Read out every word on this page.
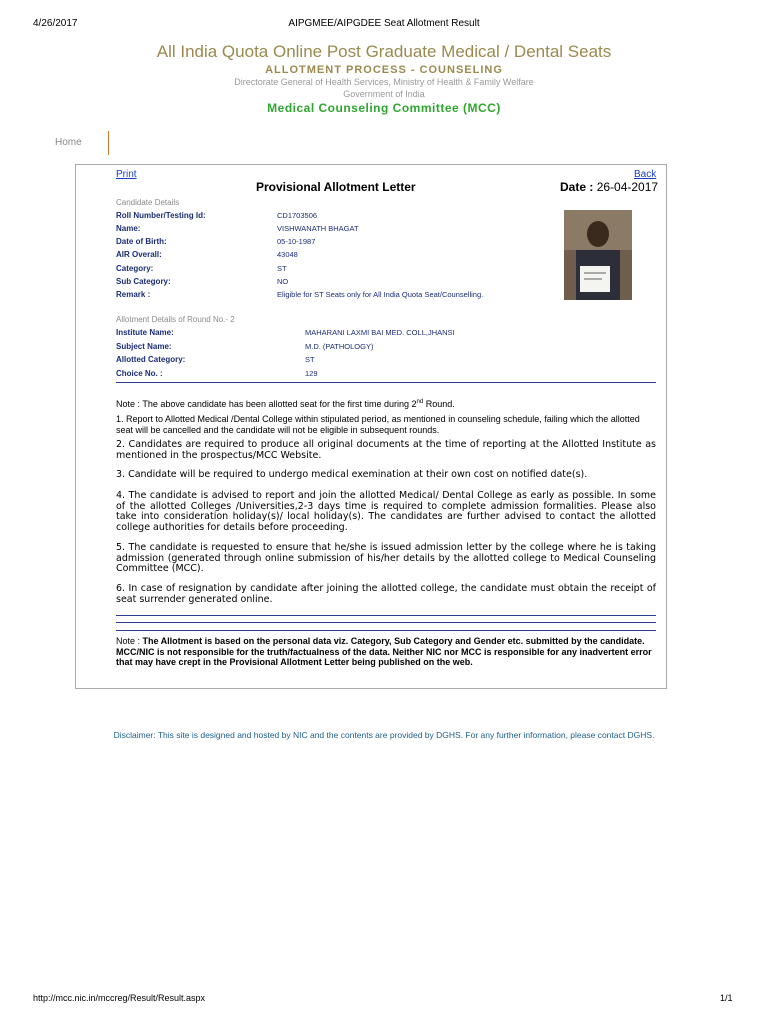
4/26/2017	AIPGMEE/AIPGDEE Seat Allotment Result
All India Quota Online Post Graduate Medical / Dental Seats
ALLOTMENT PROCESS - COUNSELING
Directorate General of Health Services, Ministry of Health & Family Welfare
Government of India
Medical Counseling Committee (MCC)
Home
Print	Back
Provisional Allotment Letter	Date : 26-04-2017
Candidate Details
Roll Number/Testing Id:	CD1703506
Name:	VISHWANATH BHAGAT
Date of Birth:	05-10-1987
AIR Overall:	43048
Category:	ST
Sub Category:	NO
Remark :	Eligible for ST Seats only for All India Quota Seat/Counselling.
Allotment Details of Round No.- 2
Institute Name:	MAHARANI LAXMI BAI MED. COLL,JHANSI
Subject Name:	M.D. (PATHOLOGY)
Allotted Category:	ST
Choice No. :	129
Note : The above candidate has been allotted seat for the first time during 2nd Round.
1. Report to Allotted Medical /Dental College within stipulated period, as mentioned in counseling schedule, failing which the allotted seat will be cancelled and the candidate will not be eligible in subsequent rounds.
2. Candidates are required to produce all original documents at the time of reporting at the Allotted Institute as mentioned in the prospectus/MCC Website.
3. Candidate will be required to undergo medical exemination at their own cost on notified date(s).
4. The candidate is advised to report and join the allotted Medical/ Dental College as early as possible. In some of the allotted Colleges /Universities,2-3 days time is required to complete admission formalities. Please also take into consideration holiday(s)/ local holiday(s). The candidates are further advised to contact the allotted college authorities for details before proceeding.
5. The candidate is requested to ensure that he/she is issued admission letter by the college where he is taking admission (generated through online submission of his/her details by the allotted college to Medical Counseling Committee (MCC).
6. In case of resignation by candidate after joining the allotted college, the candidate must obtain the receipt of seat surrender generated online.
Note : The Allotment is based on the personal data viz. Category, Sub Category and Gender etc. submitted by the candidate. MCC/NIC is not responsible for the truth/factualness of the data. Neither NIC nor MCC is responsible for any inadvertent error that may have crept in the Provisional Allotment Letter being published on the web.
Disclaimer: This site is designed and hosted by NIC and the contents are provided by DGHS. For any further information, please contact DGHS.
http://mcc.nic.in/mccreg/Result/Result.aspx	1/1
